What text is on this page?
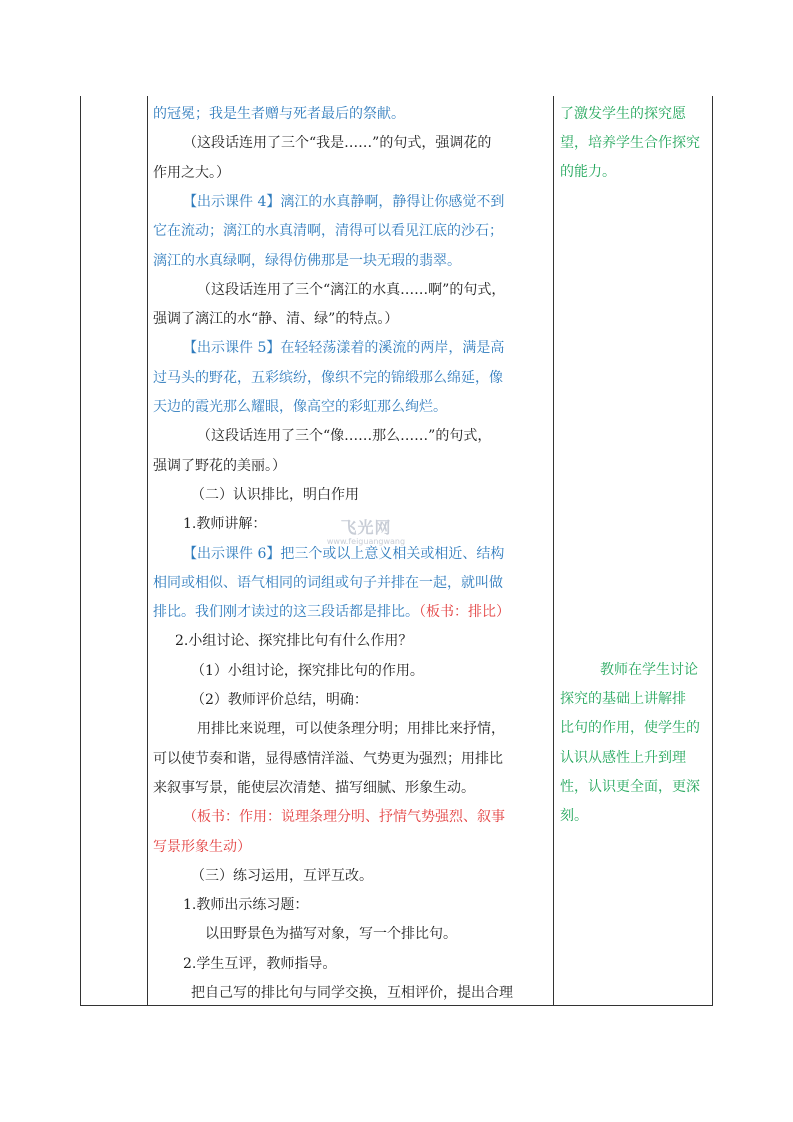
的冠冕；我是生者赠与死者最后的祭献。
（这段话连用了三个“我是……”的句式，强调花的
作用之大。）
【出示课件 4】漓江的水真静啊，静得让你感觉不到
它在流动；漓江的水真清啊，清得可以看见江底的沙石；
漓江的水真绿啊，绿得仿佛那是一块无瑕的翡翠。
（这段话连用了三个“漓江的水真……啊”的句式，
强调了漓江的水“静、清、绿”的特点。）
【出示课件 5】在轻轻荡漾着的溪流的两岸，满是高
过马头的野花，五彩缤纷，像织不完的锦缎那么绵延，像
天边的霞光那么耀眼，像高空的彩虹那么绚烂。
（这段话连用了三个“像……那么……”的句式，
强调了野花的美丽。）
（二）认识排比，明白作用
1.教师讲解：
【出示课件 6】把三个或以上意义相关或相近、结构
相同或相似、语气相同的词组或句子并排在一起，就叫做
排比。我们刚才读过的这三段话都是排比。（板书：排比）
2.小组讨论、探究排比句有什么作用？
（1）小组讨论，探究排比句的作用。
（2）教师评价总结，明确：
用排比来说理，可以使条理分明；用排比来抒情，
可以使节奏和谐，显得感情洋溢、气势更为强烈；用排比
来叙事写景，能使层次清楚、描写细腻、形象生动。
（板书：作用：说理条理分明、抒情气势强烈、叙事
写景形象生动）
（三）练习运用，互评互改。
1.教师出示练习题：
以田野景色为描写对象，写一个排比句。
2.学生互评，教师指导。
把自己写的排比句与同学交换，互相评价，提出合理
了激发学生的探究愿
望，培养学生合作探究
的能力。
教师在学生讨论
探究的基础上讲解排
比句的作用，使学生的
认识从感性上升到理
性，认识更全面，更深
刻。
飞光网
www.feiguangwang
